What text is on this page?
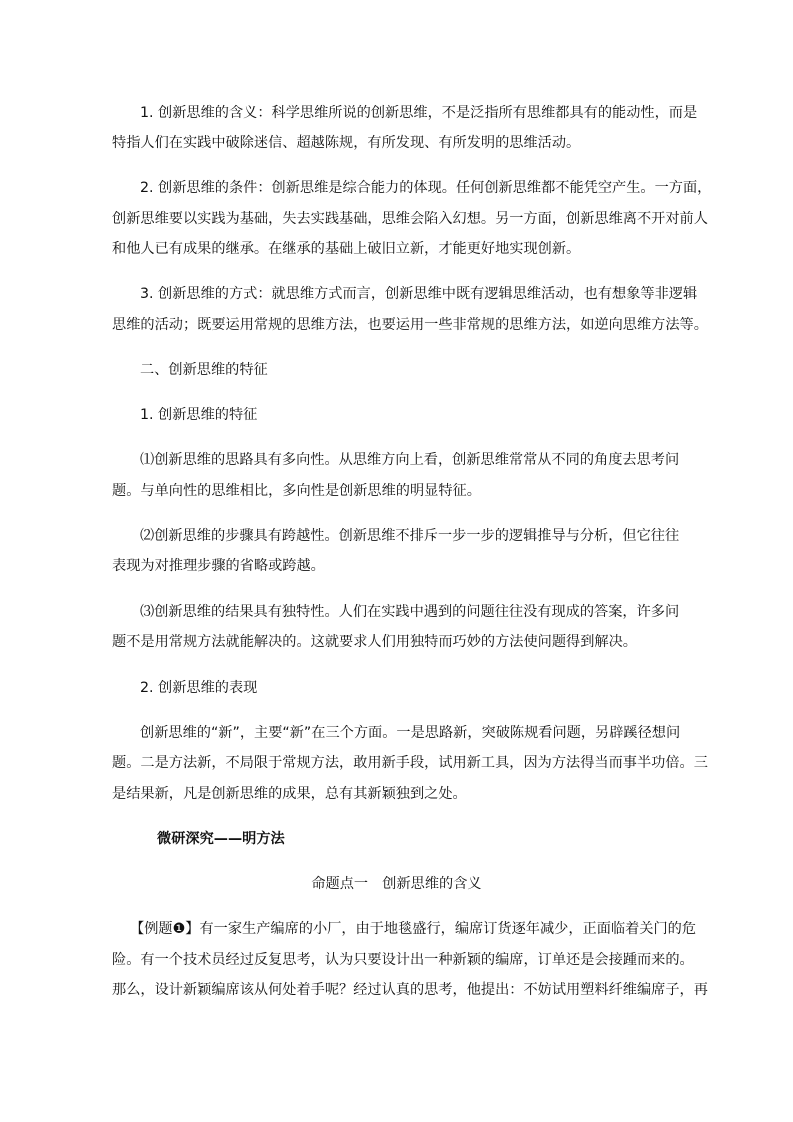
1. 创新思维的含义：科学思维所说的创新思维，不是泛指所有思维都具有的能动性，而是
特指人们在实践中破除迷信、超越陈规，有所发现、有所发明的思维活动。
2. 创新思维的条件：创新思维是综合能力的体现。任何创新思维都不能凭空产生。一方面，
创新思维要以实践为基础，失去实践基础，思维会陷入幻想。另一方面，创新思维离不开对前人
和他人已有成果的继承。在继承的基础上破旧立新，才能更好地实现创新。
3. 创新思维的方式：就思维方式而言，创新思维中既有逻辑思维活动，也有想象等非逻辑
思维的活动；既要运用常规的思维方法，也要运用一些非常规的思维方法，如逆向思维方法等。
二、创新思维的特征
1. 创新思维的特征
⑴创新思维的思路具有多向性。从思维方向上看，创新思维常常从不同的角度去思考问
题。与单向性的思维相比，多向性是创新思维的明显特征。
⑵创新思维的步骤具有跨越性。创新思维不排斥一步一步的逻辑推导与分析，但它往往
表现为对推理步骤的省略或跨越。
⑶创新思维的结果具有独特性。人们在实践中遇到的问题往往没有现成的答案，许多问
题不是用常规方法就能解决的。这就要求人们用独特而巧妙的方法使问题得到解决。
2. 创新思维的表现
创新思维的“新”，主要“新”在三个方面。一是思路新，突破陈规看问题，另辟蹊径想问
题。二是方法新，不局限于常规方法，敢用新手段，试用新工具，因为方法得当而事半功倍。三
是结果新，凡是创新思维的成果，总有其新颖独到之处。
微研深究——明方法
命题点一　创新思维的含义
【例题❶】有一家生产编席的小厂，由于地毯盛行，编席订货逐年减少，正面临着关门的危
险。有一个技术员经过反复思考，认为只要设计出一种新颖的编席，订单还是会接踵而来的。
那么，设计新颖编席该从何处着手呢？经过认真的思考，他提出：不妨试用塑料纤维编席子，再
